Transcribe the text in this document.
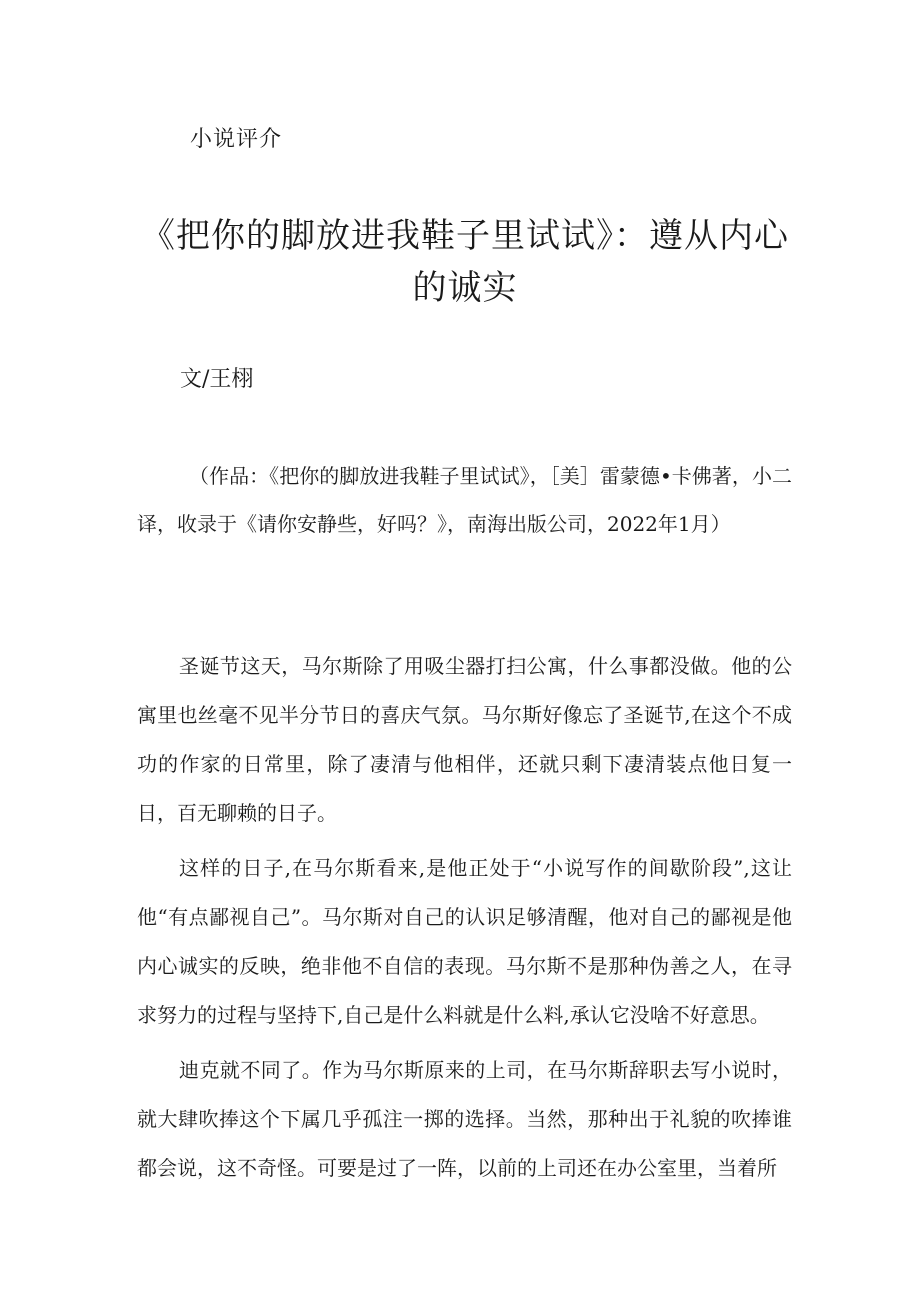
小说评介
《把你的脚放进我鞋子里试试》：遵从内心的诚实
文/王栩
（作品：《把你的脚放进我鞋子里试试》，［美］雷蒙德•卡佛著，小二译，收录于《请你安静些，好吗？》，南海出版公司，2022年1月）

圣诞节这天，马尔斯除了用吸尘器打扫公寓，什么事都没做。他的公寓里也丝毫不见半分节日的喜庆气氛。马尔斯好像忘了圣诞节,在这个不成功的作家的日常里，除了凄清与他相伴，还就只剩下凄清装点他日复一日，百无聊赖的日子。

这样的日子,在马尔斯看来,是他正处于“小说写作的间歇阶段”,这让他“有点鄙视自己”。马尔斯对自己的认识足够清醒，他对自己的鄙视是他内心诚实的反映，绝非他不自信的表现。马尔斯不是那种伪善之人，在寻求努力的过程与坚持下,自己是什么料就是什么料,承认它没啥不好意思。

迪克就不同了。作为马尔斯原来的上司，在马尔斯辞职去写小说时，就大肆吹捧这个下属几乎孤注一掷的选择。当然，那种出于礼貌的吹捧谁都会说，这不奇怪。可要是过了一阵，以前的上司还在办公室里，当着所
